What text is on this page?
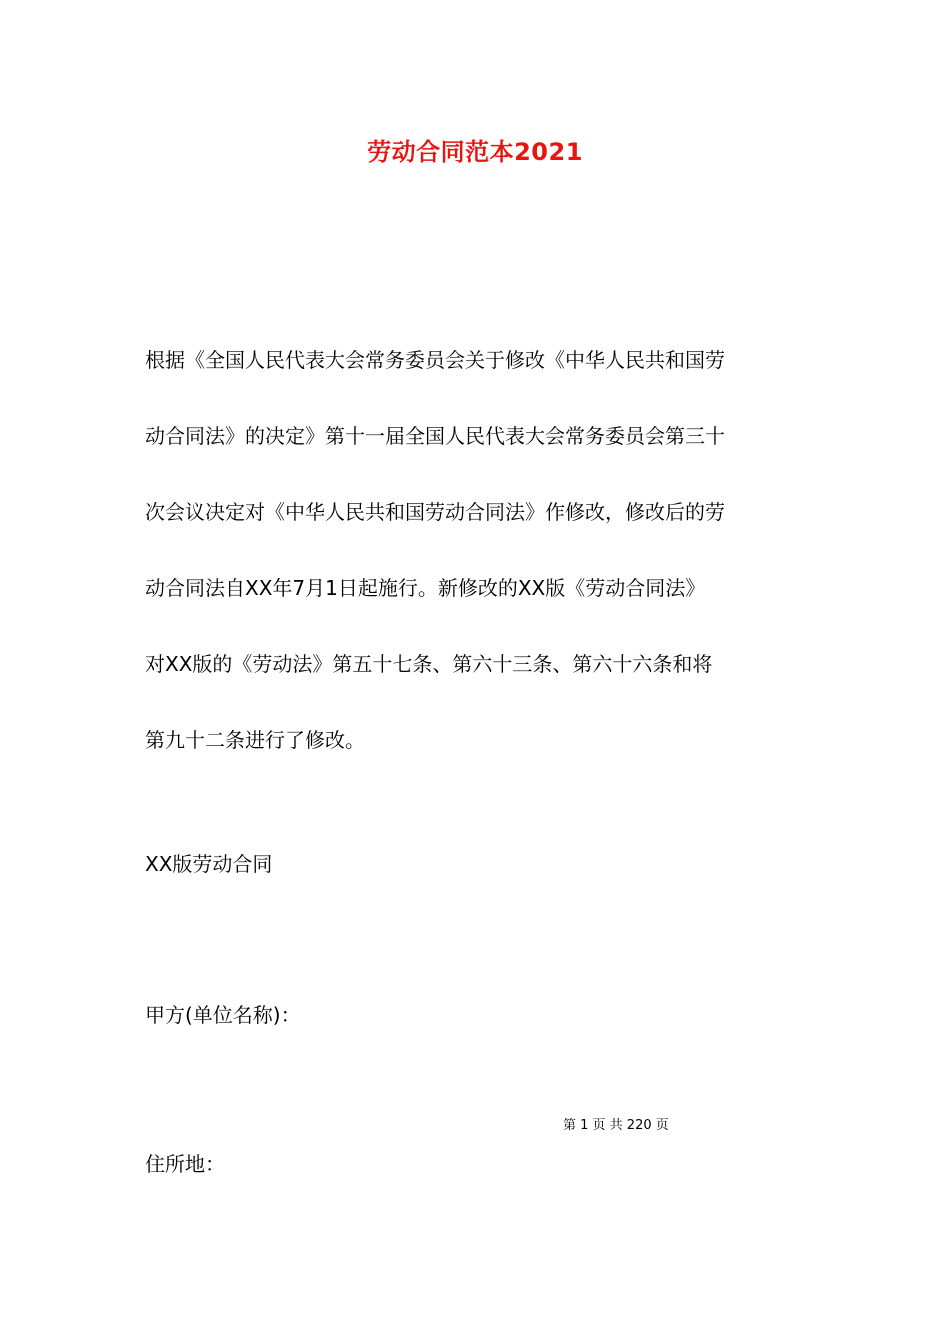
劳动合同范本2021
根据《全国人民代表大会常务委员会关于修改《中华人民共和国劳
动合同法》的决定》第十一届全国人民代表大会常务委员会第三十
次会议决定对《中华人民共和国劳动合同法》作修改，修改后的劳
动合同法自XX年7月1日起施行。新修改的XX版《劳动合同法》
对XX版的《劳动法》第五十七条、第六十三条、第六十六条和将
第九十二条进行了修改。
XX版劳动合同
甲方(单位名称)：
第 1 页 共 220 页
住所地：
